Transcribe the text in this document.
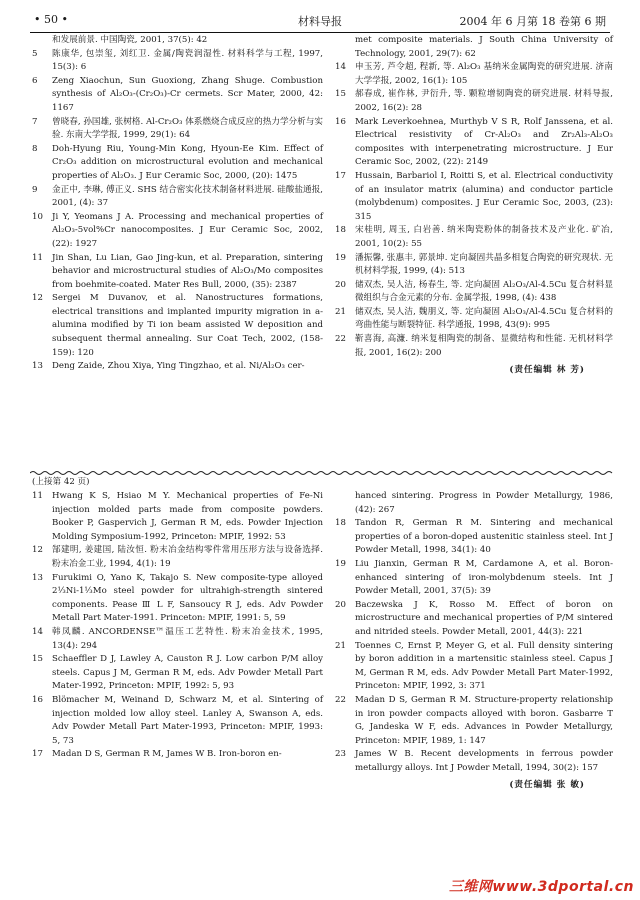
• 50 •	材料导报	2004 年 6 月第 18 卷第 6 期
和发展前景. 中国陶瓷, 2001, 37(5): 42
5 陈康华, 包崇玺, 刘红卫. 金属/陶瓷润湿性. 材料科学与工程, 1997, 15(3): 6
6 Zeng Xiaochun, Sun Guoxiong, Zhang Shuge. Combustion synthesis of Al₂O₃-(Cr₂O₃)-Cr cermets. Scr Mater, 2000, 42: 1167
7 曾晓春, 孙国雄, 张树格. Al-Cr₂O₃ 体系燃烧合成反应的热力学分析与实验. 东南大学学报, 1999, 29(1): 64
8 Doh-Hyung Riu, Young-Min Kong, Hyoun-Ee Kim. Effect of Cr₂O₃ addition on microstructural evolution and mechanical properties of Al₂O₃. J Eur Ceramic Soc, 2000, (20): 1475
9 金正中, 李琳, 傅正义. SHS 结合密实化技术制备材料进展. 硅酸盐通报, 2001, (4): 37
10 Ji Y, Yeomans J A. Processing and mechanical properties of Al₂O₃-5vol%Cr nanocomposites. J Eur Ceramic Soc, 2002, (22): 1927
11 Jin Shan, Lu Lian, Gao Jing-kun, et al. Preparation, sintering behavior and microstructural studies of Al₂O₃/Mo composites from boehmite-coated. Mater Res Bull, 2000, (35): 2387
12 Sergei M Duvanov, et al. Nanostructures formations, electrical transitions and implanted impurity migration in a-alumina modified by Ti ion beam assisted W deposition and subsequent thermal annealing. Sur Coat Tech, 2002, (158-159): 120
13 Deng Zaide, Zhou Xiya, Ying Tingzhao, et al. Ni/Al₂O₃ cer-
met composite materials. J South China University of Technology, 2001, 29(7): 62
14 申玉芳, 芦令超, 程新, 等. Al₂O₃ 基纳米金属陶瓷的研究进展. 济南大学学报, 2002, 16(1): 105
15 郝春成, 崔作林, 尹衍升, 等. 颗粒增韧陶瓷的研究进展. 材料导报, 2002, 16(2): 28
16 Mark Leverkoehnea, Murthyb V S R, Rolf Janssena, et al. Electrical resistivity of Cr-Al₂O₃ and Zr₂Al₃-Al₂O₃ composites with interpenetrating microstructure. J Eur Ceramic Soc, 2002, (22): 2149
17 Hussain, Barbariol I, Roitti S, et al. Electrical conductivity of an insulator matrix (alumina) and conductor particle (molybdenum) composites. J Eur Ceramic Soc, 2003, (23): 315
18 宋桂明, 周玉, 白岩善. 纳米陶瓷粉体的制备技术及产业化. 矿冶, 2001, 10(2): 55
19 潘振馨, 张惠丰, 郭景坤. 定向凝固共晶多相复合陶瓷的研究现状. 无机材料学报, 1999, (4): 513
20 储双杰, 吴人洁, 杨春生, 等. 定向凝固 Al₂O₃/Al-4.5Cu 复合材料显微组织与合金元素的分布. 金属学报, 1998, (4): 438
21 储双杰, 吴人洁, 魏朋义, 等. 定向凝固 Al₂O₃/Al-4.5Cu 复合材料的弯曲性能与断裂特征. 科学通报, 1998, 43(9): 995
22 靳喜海, 高濂. 纳米复相陶瓷的制备、显微结构和性能. 无机材料学报, 2001, 16(2): 200
(责任编辑 林 芳)
(上接第 42 页)
11 Hwang K S, Hsiao M Y. Mechanical properties of Fe-Ni injection molded parts made from composite powders. Booker P, Gaspervich J, German R M, eds. Powder Injection Molding Symposium-1992, Princeton: MPIF, 1992: 53
12 郜建明, 姜建国, 陆汝恒. 粉末冶金结构零件常用压形方法与设备选择. 粉末冶金工业, 1994, 4(1): 19
13 Furukimi O, Yano K, Takajo S. New composite-type alloyed 2⅓Ni-1⅓Mo steel powder for ultrahigh-strength sintered components. Pease Ⅲ L F, Sansoucy R J, eds. Adv Powder Metall Part Mater-1991. Princeton: MPIF, 1991: 5, 59
14 韩凤麟. ANCORDENSE™温压工艺特性. 粉末冶金技术, 1995, 13(4): 294
15 Schaeffler D J, Lawley A, Causton R J. Low carbon P/M alloy steels. Capus J M, German R M, eds. Adv Powder Metall Part Mater-1992, Princeton: MPIF, 1992: 5, 93
16 Blömacher M, Weinand D, Schwarz M, et al. Sintering of injection molded low alloy steel. Lanley A, Swanson A, eds. Adv Powder Metall Part Mater-1993, Princeton: MPIF, 1993: 5, 73
17 Madan D S, German R M, James W B. Iron-boron en-
hanced sintering. Progress in Powder Metallurgy, 1986, (42): 267
18 Tandon R, German R M. Sintering and mechanical properties of a boron-doped austenitic stainless steel. Int J Powder Metall, 1998, 34(1): 40
19 Liu Jianxin, German R M, Cardamone A, et al. Boron-enhanced sintering of iron-molybdenum steels. Int J Powder Metall, 2001, 37(5): 39
20 Baczewska J K, Rosso M. Effect of boron on microstructure and mechanical properties of P/M sintered and nitrided steels. Powder Metall, 2001, 44(3): 221
21 Toennes C, Ernst P, Meyer G, et al. Full density sintering by boron addition in a martensitic stainless steel. Capus J M, German R M, eds. Adv Powder Metall Part Mater-1992, Princeton: MPIF, 1992, 3: 371
22 Madan D S, German R M. Structure-property relationship in iron powder compacts alloyed with boron. Gasbarre T G, Jandeska W F, eds. Advances in Powder Metallurgy, Princeton: MPIF, 1989, 1: 147
23 James W B. Recent developments in ferrous powder metallurgy alloys. Int J Powder Metall, 1994, 30(2): 157
(责任编辑 张 敏)
三维网www.3dportal.cn
